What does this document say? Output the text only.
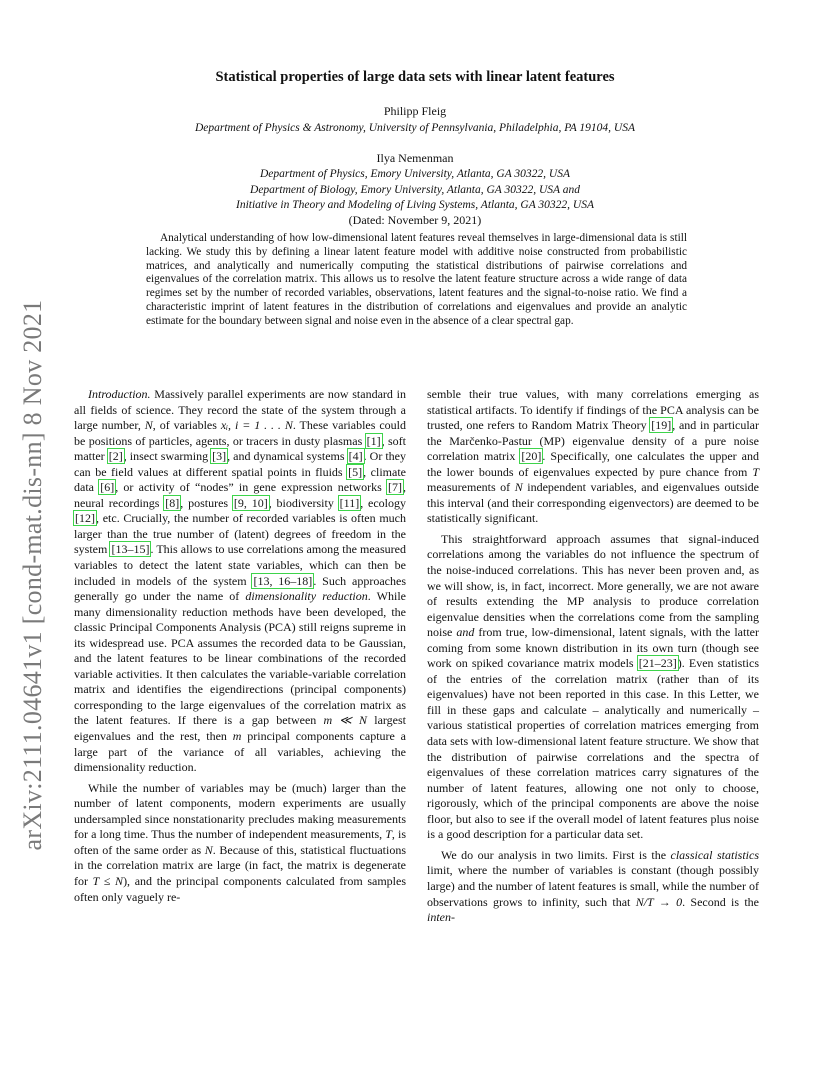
arXiv:2111.04641v1 [cond-mat.dis-nn] 8 Nov 2021
Statistical properties of large data sets with linear latent features
Philipp Fleig
Department of Physics & Astronomy, University of Pennsylvania, Philadelphia, PA 19104, USA
Ilya Nemenman
Department of Physics, Emory University, Atlanta, GA 30322, USA
Department of Biology, Emory University, Atlanta, GA 30322, USA and
Initiative in Theory and Modeling of Living Systems, Atlanta, GA 30322, USA
(Dated: November 9, 2021)

Analytical understanding of how low-dimensional latent features reveal themselves in large-dimensional data is still lacking. We study this by defining a linear latent feature model with additive noise constructed from probabilistic matrices, and analytically and numerically computing the statistical distributions of pairwise correlations and eigenvalues of the correlation matrix. This allows us to resolve the latent feature structure across a wide range of data regimes set by the number of recorded variables, observations, latent features and the signal-to-noise ratio. We find a characteristic imprint of latent features in the distribution of correlations and eigenvalues and provide an analytic estimate for the boundary between signal and noise even in the absence of a clear spectral gap.

Introduction. Massively parallel experiments are now standard in all fields of science. They record the state of the system through a large number, N, of variables xᵢ, i = 1 . . . N. These variables could be positions of particles, agents, or tracers in dusty plasmas [1], soft matter [2], insect swarming [3], and dynamical systems [4]. Or they can be field values at different spatial points in fluids [5], climate data [6], or activity of “nodes” in gene expression networks [7], neural recordings [8], postures [9, 10], biodiversity [11], ecology [12], etc. Crucially, the number of recorded variables is often much larger than the true number of (latent) degrees of freedom in the system [13–15]. This allows to use correlations among the measured variables to detect the latent state variables, which can then be included in models of the system [13, 16–18]. Such approaches generally go under the name of dimensionality reduction. While many dimensionality reduction methods have been developed, the classic Principal Components Analysis (PCA) still reigns supreme in its widespread use. PCA assumes the recorded data to be Gaussian, and the latent features to be linear combinations of the recorded variable activities. It then calculates the variable-variable correlation matrix and identifies the eigendirections (principal components) corresponding to the large eigenvalues of the correlation matrix as the latent features. If there is a gap between m ≪ N largest eigenvalues and the rest, then m principal components capture a large part of the variance of all variables, achieving the dimensionality reduction.

While the number of variables may be (much) larger than the number of latent components, modern experiments are usually undersampled since nonstationarity precludes making measurements for a long time. Thus the number of independent measurements, T, is often of the same order as N. Because of this, statistical fluctuations in the correlation matrix are large (in fact, the matrix is degenerate for T ≤ N), and the principal components calculated from samples often only vaguely re-

semble their true values, with many correlations emerging as statistical artifacts. To identify if findings of the PCA analysis can be trusted, one refers to Random Matrix Theory [19], and in particular the Marčenko-Pastur (MP) eigenvalue density of a pure noise correlation matrix [20]. Specifically, one calculates the upper and the lower bounds of eigenvalues expected by pure chance from T measurements of N independent variables, and eigenvalues outside this interval (and their corresponding eigenvectors) are deemed to be statistically significant.

This straightforward approach assumes that signal-induced correlations among the variables do not influence the spectrum of the noise-induced correlations. This has never been proven and, as we will show, is, in fact, incorrect. More generally, we are not aware of results extending the MP analysis to produce correlation eigenvalue densities when the correlations come from the sampling noise and from true, low-dimensional, latent signals, with the latter coming from some known distribution in its own turn (though see work on spiked covariance matrix models [21–23]). Even statistics of the entries of the correlation matrix (rather than of its eigenvalues) have not been reported in this case. In this Letter, we fill in these gaps and calculate – analytically and numerically – various statistical properties of correlation matrices emerging from data sets with low-dimensional latent feature structure. We show that the distribution of pairwise correlations and the spectra of eigenvalues of these correlation matrices carry signatures of the number of latent features, allowing one not only to choose, rigorously, which of the principal components are above the noise floor, but also to see if the overall model of latent features plus noise is a good description for a particular data set.

We do our analysis in two limits. First is the classical statistics limit, where the number of variables is constant (though possibly large) and the number of latent features is small, while the number of observations grows to infinity, such that N/T → 0. Second is the inten-
